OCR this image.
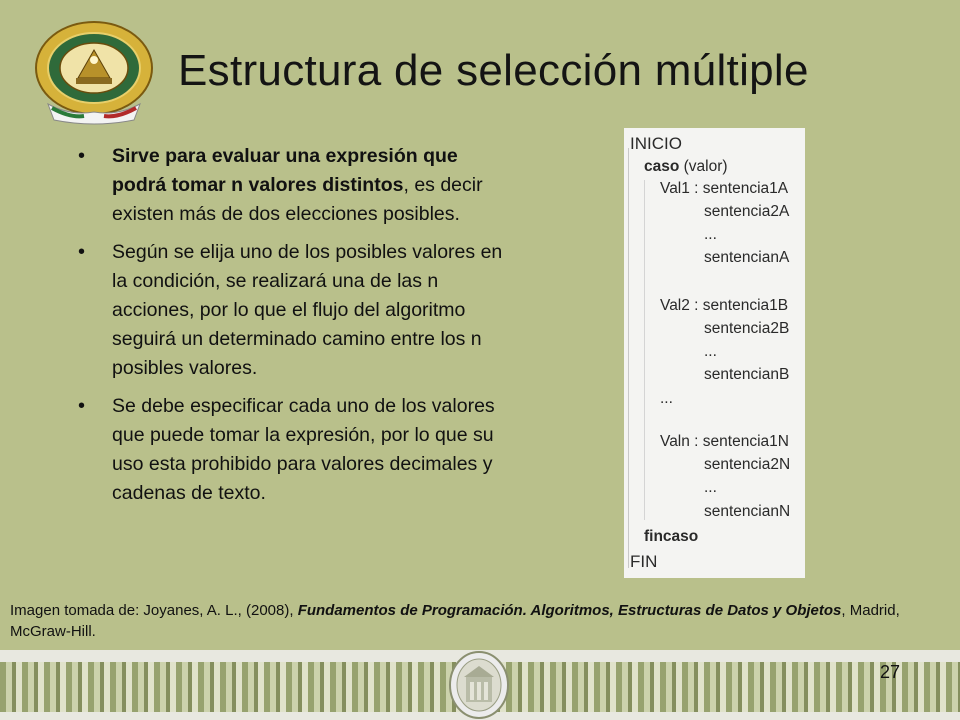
Estructura de selección múltiple
• Sirve para evaluar una expresión que podrá tomar n valores distintos, es decir existen más de dos elecciones posibles.
• Según se elija uno de los posibles valores en la condición, se realizará una de las n acciones, por lo que el flujo del algoritmo seguirá un determinado camino entre los n posibles valores.
• Se debe especificar cada uno de los valores que puede tomar la expresión, por lo que su uso esta prohibido para valores decimales y cadenas de texto.
INICIO
caso (valor)
Val1 : sentencia1A
sentencia2A
...
sentencianA
Val2 : sentencia1B
sentencia2B
...
sentencianB
...
Valn : sentencia1N
sentencia2N
...
sentencianN
fincaso
FIN
Imagen tomada de: Joyanes, A. L., (2008), Fundamentos de Programación. Algoritmos, Estructuras de Datos y Objetos, Madrid, McGraw-Hill.
27
